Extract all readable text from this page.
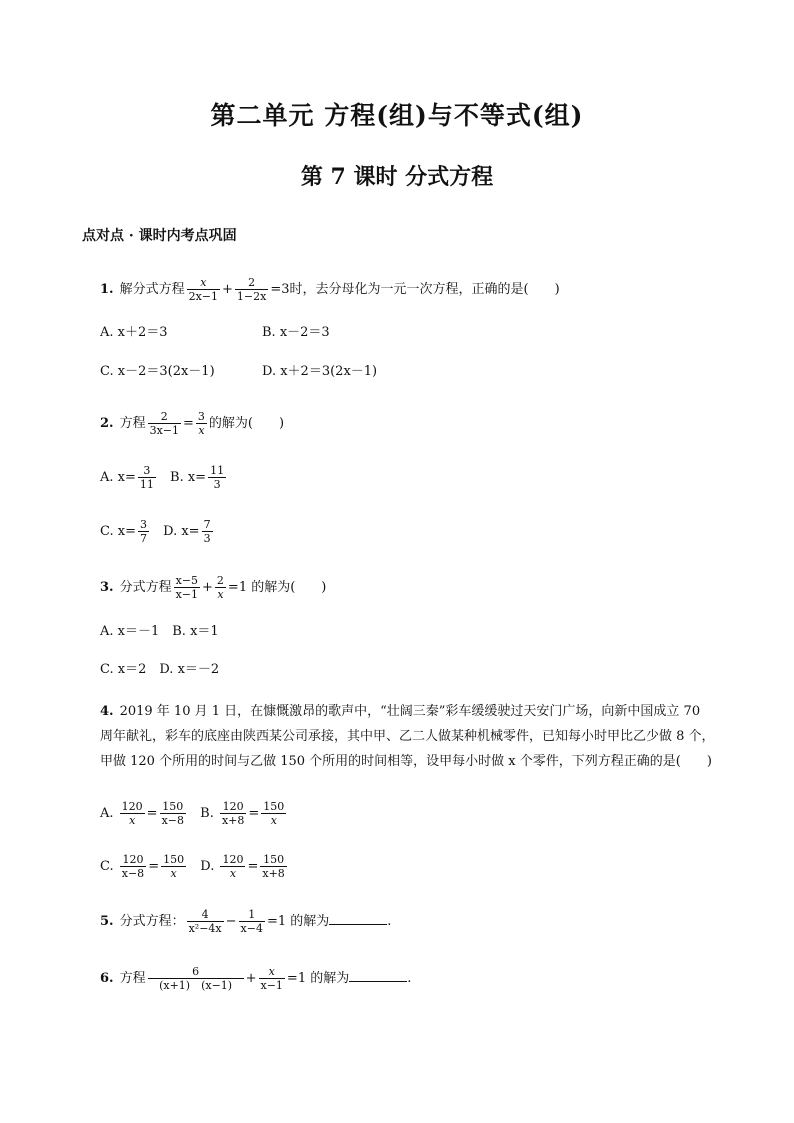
第二单元 方程(组)与不等式(组)
第 7 课时 分式方程
点对点 · 课时内考点巩固
1. 解分式方程 $\frac{x}{2x-1} + \frac{2}{1-2x} =3$时，去分母化为一元一次方程，正确的是(　　)
A. x＋2＝3	B. x－2＝3
C. x－2＝3(2x－1)	D. x＋2＝3(2x－1)
2. 方程 $\frac{2}{3x-1} = \frac{3}{x}$ 的解为(　　)
A. $x= \frac{3}{11} B$. $x= \frac{11}{3}$
C. $x= \frac{3}{7} D$. $x= \frac{7}{3}$
3. 分式方程 $\frac{x-5}{x-1} + \frac{2}{x} =1$ 的解为(　　)
A. x＝－1　B. x＝1
C. x＝2　D. x＝－2
4. 2019 年 10 月 1 日，在慷慨激昂的歌声中，“壮阔三秦”彩车缓缓驶过天安门广场，向新中国成立 70
周年献礼，彩车的底座由陕西某公司承接，其中甲、乙二人做某种机械零件，已知每小时甲比乙少做 8 个，
甲做 120 个所用的时间与乙做 150 个所用的时间相等，设甲每小时做 x 个零件，下列方程正确的是(　　)
A. $\frac{120}{x} = \frac{150}{x-8} B$. $\frac{120}{x+8} = \frac{150}{x}$
C. $\frac{120}{x-8} = \frac{150}{x} D$. $\frac{120}{x} = \frac{150}{x+8}$
5. 分式方程： $\frac{4}{\text{x²−4x}} - \frac{1}{x-4} =1$ 的解为	.
6. 方程 $\frac{6}{(x+1) (x-1)} + \frac{x}{x-1} =1$ 的解为	.
